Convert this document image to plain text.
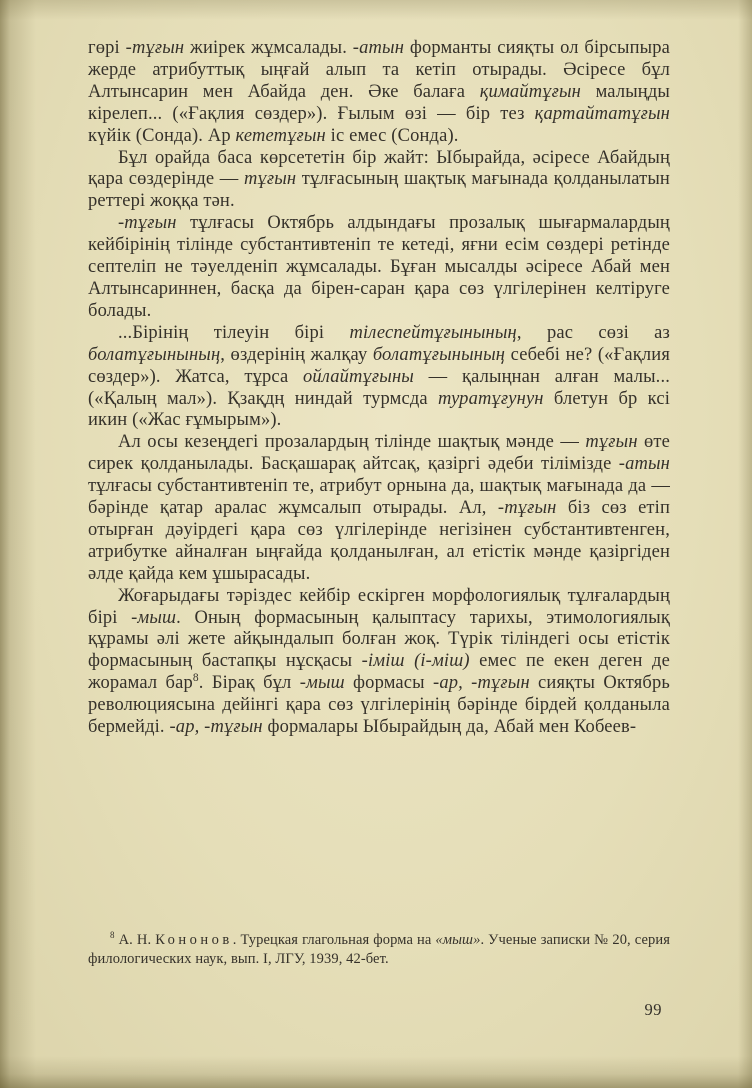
гөрі -тұғын жиірек жұмсалады. -атын форманты сияқты ол бірсыпыра жерде атрибуттық ыңғай алып та кетіп отырады. Әсіресе бұл Алтынсарин мен Абайда ден. Әке балаға қимайтұғын малыңды кірелеп... («Ғақлия сөздер»). Ғылым өзі — бір тез қартайтатұғын күйік (Сонда). Ар кететұғын іс емес (Сонда).

Бұл орайда баса көрсететін бір жайт: Ыбырайда, әсіресе Абайдың қара сөздерінде — тұғын тұлғасының шақтық мағынада қолданылатын реттері жоққа тән.

-тұғын тұлғасы Октябрь алдындағы прозалық шығармалардың кейбірінің тілінде субстантивтеніп те кетеді, яғни есім сөздері ретінде септеліп не тәуелденіп жұмсалады. Бұған мысалды әсіресе Абай мен Алтынсариннен, басқа да бірен-саран қара сөз үлгілерінен келтіруге болады.

...Бірінің тілеуін бірі тілеспейтұғынының, рас сөзі аз болатұғынының, өздерінің жалқау болатұғынының себебі не? («Ғақлия сөздер»). Жатса, тұрса ойлайтұғыны — қалыңнан алған малы... («Қалың мал»). Қзақдң ниндай турмсда туратұғунун блетун бр ксі икин («Жас ғұмырым»).

Ал осы кезеңдегі прозалардың тілінде шақтық мәнде — тұғын өте сирек қолданылады. Басқашарақ айтсақ, қазіргі әдеби тілімізде -атын тұлғасы субстантивтеніп те, атрибут орнына да, шақтық мағынада да — бәрінде қатар аралас жұмсалып отырады. Ал, -тұғын біз сөз етіп отырған дәуірдегі қара сөз үлгілерінде негізінен субстантивтенген, атрибутке айналған ыңғайда қолданылған, ал етістік мәнде қазіргіден әлде қайда кем ұшырасады.

Жоғарыдағы тәріздес кейбір ескірген морфологиялық тұлғалардың бірі -мыш. Оның формасының қалыптасу тарихы, этимологиялық құрамы әлі жете айқындалып болған жоқ. Түрік тіліндегі осы етістік формасының бастапқы нұсқасы -іміш (і-міш) емес пе екен деген де жорамал бар$^8$. Бірақ бұл -мыш формасы -ар, -тұғын сияқты Октябрь революциясына дейінгі қара сөз үлгілерінің бәрінде бірдей қолданыла бермейді. -ар, -тұғын формалары Ыбырайдың да, Абай мен Кобеев-

$^8$ А. Н. Кононов. Турецкая глагольная форма на «мыш». Ученые записки № 20, серия филологических наук, вып. I, ЛГУ, 1939, 42-бет.
99
